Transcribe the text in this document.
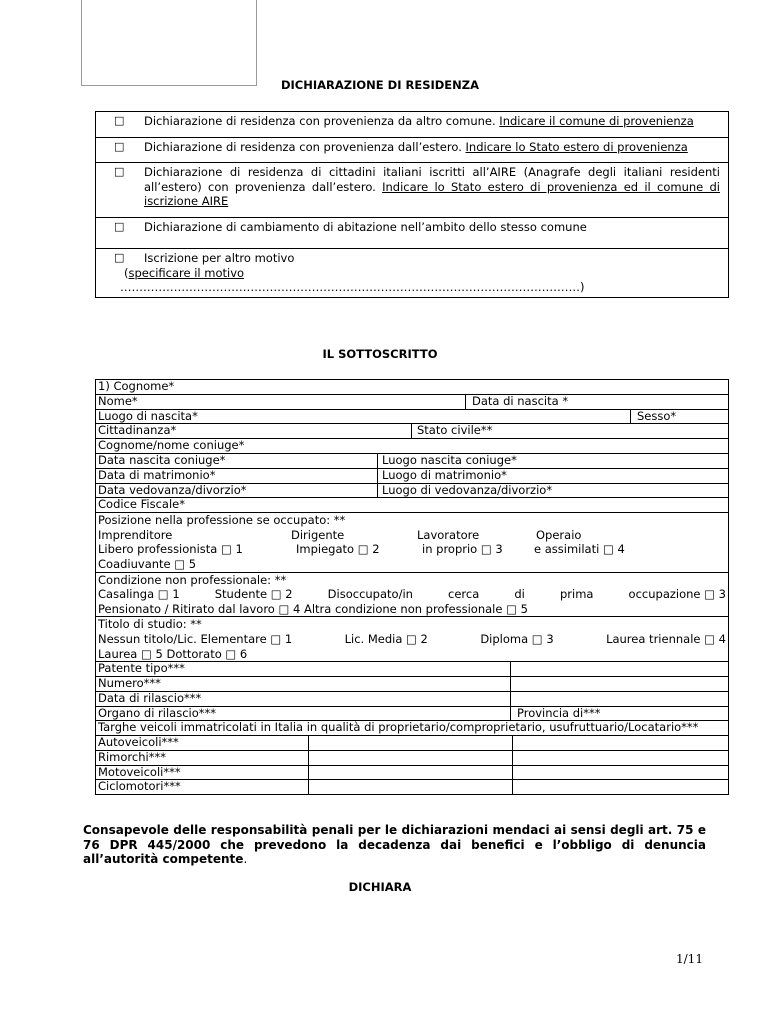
DICHIARAZIONE DI RESIDENZA
□ Dichiarazione di residenza con provenienza da altro comune. Indicare il comune di provenienza
□ Dichiarazione di residenza con provenienza dall’estero. Indicare lo Stato estero di provenienza
□ Dichiarazione di residenza di cittadini italiani iscritti all’AIRE (Anagrafe degli italiani residenti all’estero) con provenienza dall’estero. Indicare lo Stato estero di provenienza ed il comune di iscrizione AIRE
□ Dichiarazione di cambiamento di abitazione nell’ambito dello stesso comune
□ Iscrizione per altro motivo
(specificare il motivo
…………………………………………………………………………………………………………)
IL SOTTOSCRITTO
1) Cognome*
Nome*	Data di nascita *
Luogo di nascita*	Sesso*
Cittadinanza*	Stato civile**
Cognome/nome coniuge*
Data nascita coniuge*	Luogo nascita coniuge*
Data di matrimonio*	Luogo di matrimonio*
Data vedovanza/divorzio*	Luogo di vedovanza/divorzio*
Codice Fiscale*
Posizione nella professione se occupato: **
Imprenditore	Dirigente	Lavoratore	Operaio
Libero professionista □ 1	Impiegato □ 2	in proprio □ 3	e assimilati □ 4
Coadiuvante □ 5
Condizione non professionale: **
Casalinga □ 1	Studente □ 2	Disoccupato/in	cerca	di	prima	occupazione □ 3
Pensionato / Ritirato dal lavoro □ 4 Altra condizione non professionale □ 5
Titolo di studio: **
Nessun titolo/Lic. Elementare □ 1	Lic. Media □ 2	Diploma □ 3	Laurea triennale □ 4
Laurea □ 5 Dottorato □ 6
Patente tipo***
Numero***
Data di rilascio***
Organo di rilascio***	Provincia di***
Targhe veicoli immatricolati in Italia in qualità di proprietario/comproprietario, usufruttuario/Locatario***
Autoveicoli***
Rimorchi***
Motoveicoli***
Ciclomotori***
Consapevole delle responsabilità penali per le dichiarazioni mendaci ai sensi degli art. 75 e 76 DPR 445/2000 che prevedono la decadenza dai benefici e l’obbligo di denuncia all’autorità competente.
DICHIARA
1/11
